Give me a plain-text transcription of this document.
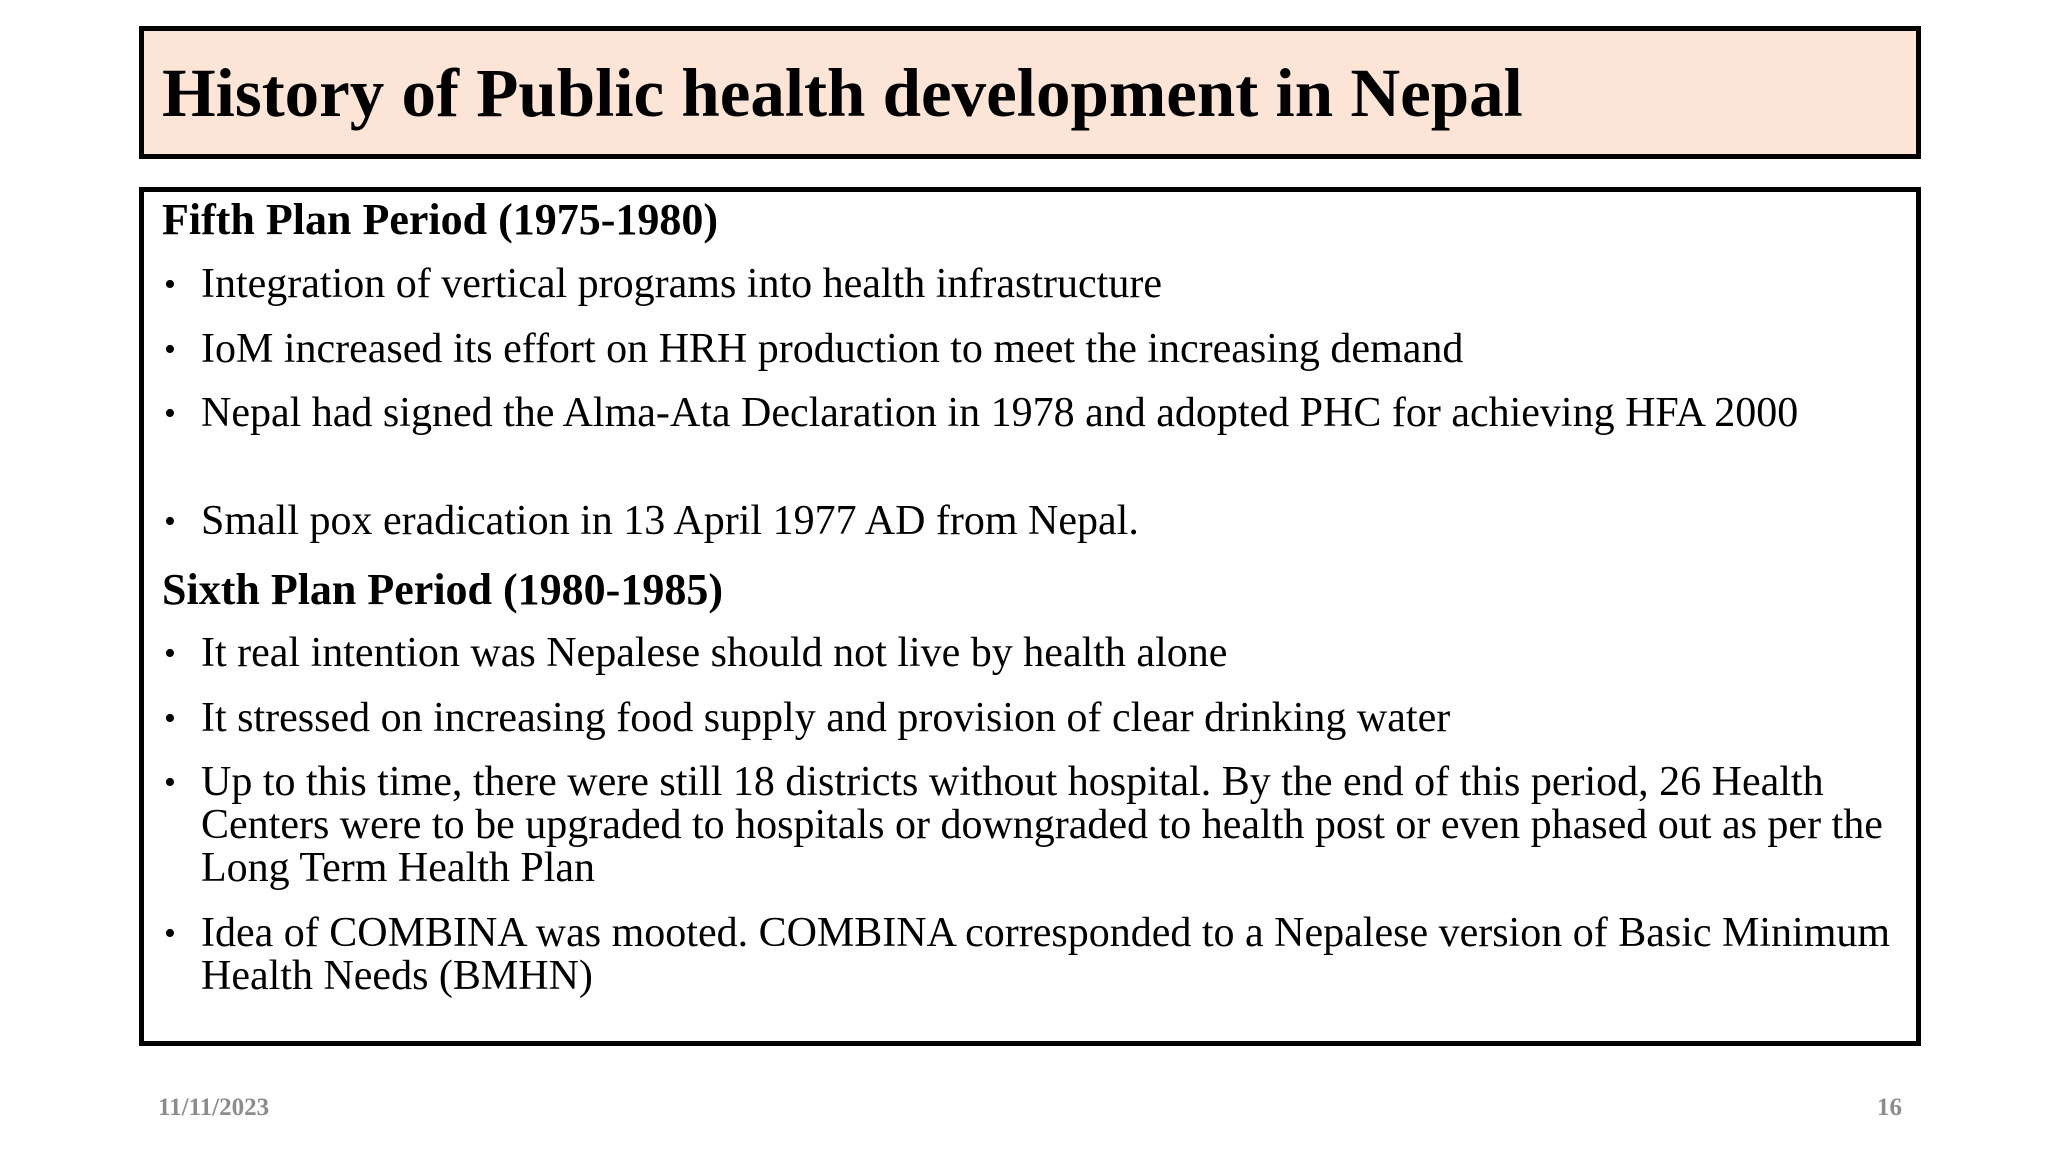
History of Public health development in Nepal
Fifth Plan Period (1975-1980)
• Integration of vertical programs into health infrastructure
• IoM increased its effort on HRH production to meet the increasing demand
• Nepal had signed the Alma-Ata Declaration in 1978 and adopted PHC for achieving HFA 2000
• Small pox eradication in 13 April 1977 AD from Nepal.
Sixth Plan Period (1980-1985)
• It real intention was Nepalese should not live by health alone
• It stressed on increasing food supply and provision of clear drinking water
• Up to this time, there were still 18 districts without hospital. By the end of this period, 26 Health Centers were to be upgraded to hospitals or downgraded to health post or even phased out as per the Long Term Health Plan
• Idea of COMBINA was mooted. COMBINA corresponded to a Nepalese version of Basic Minimum Health Needs (BMHN)
11/11/2023	16
